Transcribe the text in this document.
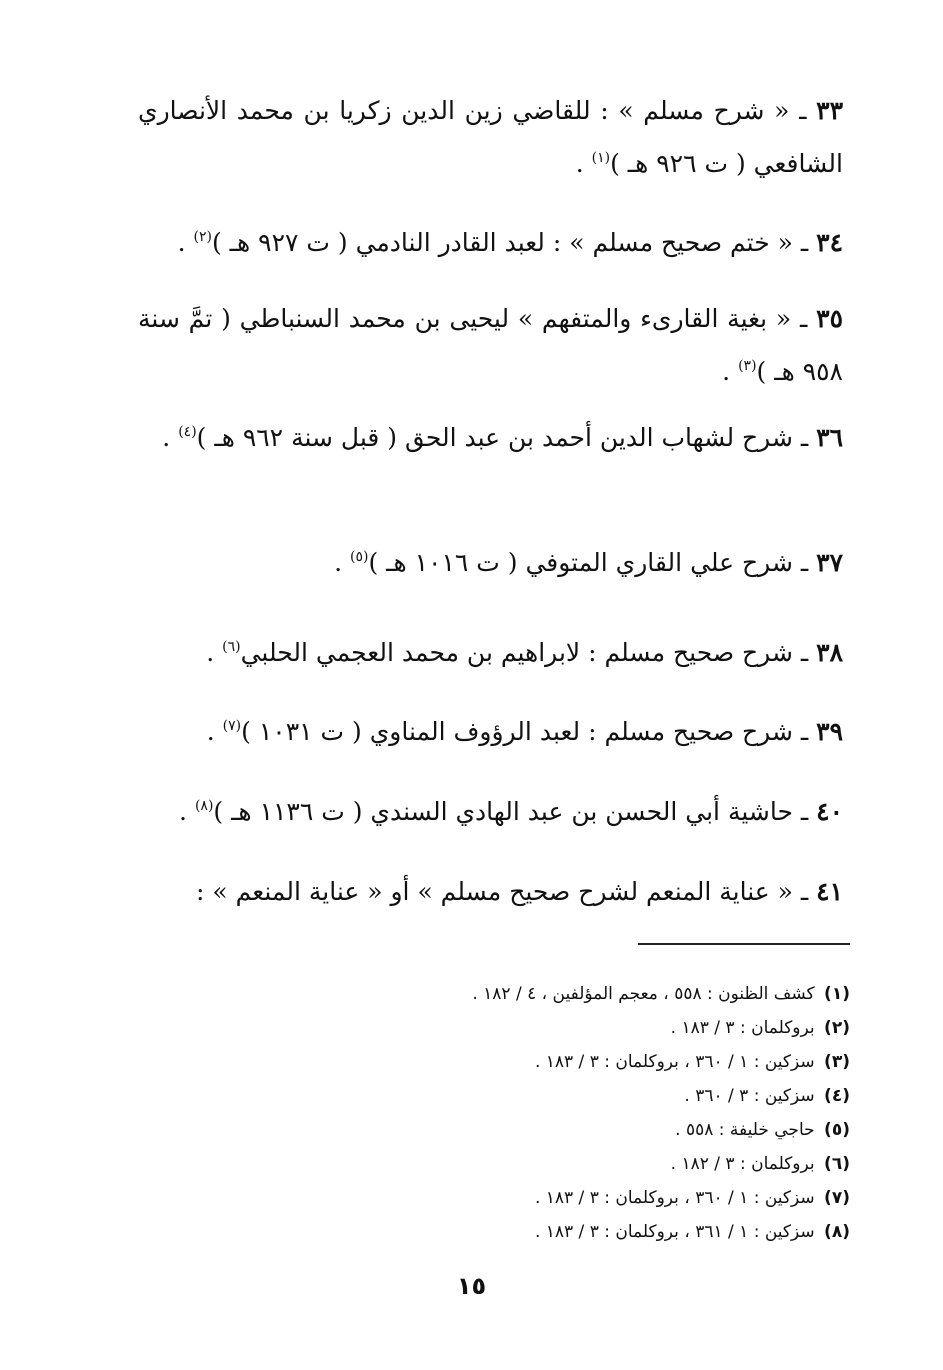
٣٣ ـ « شرح مسلم » : للقاضي زين الدين زكريا بن محمد الأنصاري الشافعي ( ت ٩٢٦ هـ )$^{(١)}$ .

٣٤ ـ « ختم صحيح مسلم » : لعبد القادر النادمي ( ت ٩٢٧ هـ )$^{(٢)}$ .

٣٥ ـ « بغية القارىء والمتفهم » ليحيى بن محمد السنباطي ( تمَّ سنة ٩٥٨ هـ )$^{(٣)}$ .

٣٦ ـ شرح لشهاب الدين أحمد بن عبد الحق ( قبل سنة ٩٦٢ هـ )$^{(٤)}$ .

٣٧ ـ شرح علي القاري المتوفي ( ت ١٠١٦ هـ )$^{(٥)}$ .

٣٨ ـ شرح صحيح مسلم : لابراهيم بن محمد العجمي الحلبي$^{(٦)}$ .

٣٩ ـ شرح صحيح مسلم : لعبد الرؤوف المناوي ( ت ١٠٣١ )$^{(٧)}$ .

٤٠ ـ حاشية أبي الحسن بن عبد الهادي السندي ( ت ١١٣٦ هـ )$^{(٨)}$ .

٤١ ـ « عناية المنعم لشرح صحيح مسلم » أو « عناية المنعم » :

(١) كشف الظنون : ٥٥٨ ، معجم المؤلفين ، ٤ / ١٨٢ .
(٢) بروكلمان : ٣ / ١٨٣ .
(٣) سزكين : ١ / ٣٦٠ ، بروكلمان : ٣ / ١٨٣ .
(٤) سزكين : ٣ / ٣٦٠ .
(٥) حاجي خليفة : ٥٥٨ .
(٦) بروكلمان : ٣ / ١٨٢ .
(٧) سزكين : ١ / ٣٦٠ ، بروكلمان : ٣ / ١٨٣ .
(٨) سزكين : ١ / ٣٦١ ، بروكلمان : ٣ / ١٨٣ .
١٥
